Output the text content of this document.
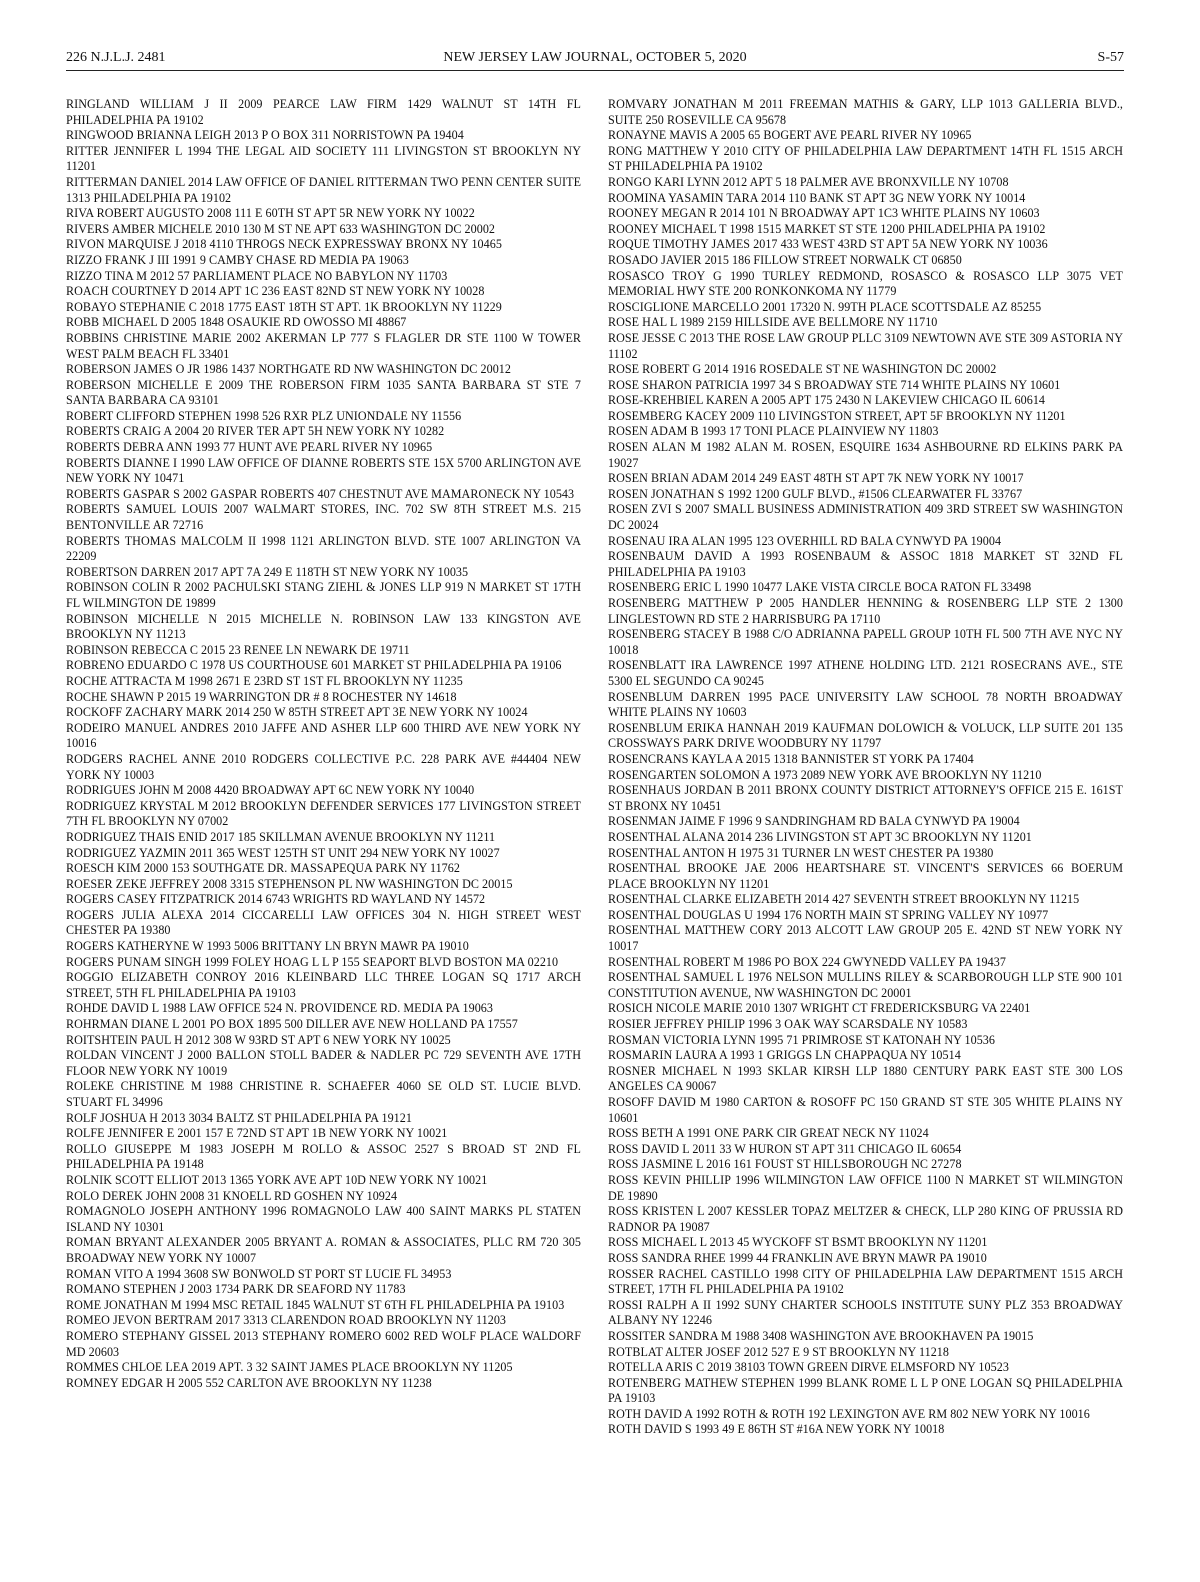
226 N.J.L.J. 2481	NEW JERSEY LAW JOURNAL, OCTOBER 5, 2020	S-57

RINGLAND WILLIAM J II 2009 PEARCE LAW FIRM 1429 WALNUT ST 14TH FL PHILADELPHIA PA 19102

RINGWOOD BRIANNA LEIGH 2013 P O BOX 311 NORRISTOWN PA 19404

RITTER JENNIFER L 1994 THE LEGAL AID SOCIETY 111 LIVINGSTON ST BROOKLYN NY 11201

RITTERMAN DANIEL 2014 LAW OFFICE OF DANIEL RITTERMAN TWO PENN CENTER SUITE 1313 PHILADELPHIA PA 19102

RIVA ROBERT AUGUSTO 2008 111 E 60TH ST APT 5R NEW YORK NY 10022

RIVERS AMBER MICHELE 2010 130 M ST NE APT 633 WASHINGTON DC 20002

RIVON MARQUISE J 2018 4110 THROGS NECK EXPRESSWAY BRONX NY 10465

RIZZO FRANK J III 1991 9 CAMBY CHASE RD MEDIA PA 19063

RIZZO TINA M 2012 57 PARLIAMENT PLACE NO BABYLON NY 11703

ROACH COURTNEY D 2014 APT 1C 236 EAST 82ND ST NEW YORK NY 10028

ROBAYO STEPHANIE C 2018 1775 EAST 18TH ST APT. 1K BROOKLYN NY 11229

ROBB MICHAEL D 2005 1848 OSAUKIE RD OWOSSO MI 48867

ROBBINS CHRISTINE MARIE 2002 AKERMAN LP 777 S FLAGLER DR STE 1100 W TOWER WEST PALM BEACH FL 33401

ROBERSON JAMES O JR 1986 1437 NORTHGATE RD NW WASHINGTON DC 20012

ROBERSON MICHELLE E 2009 THE ROBERSON FIRM 1035 SANTA BARBARA ST STE 7 SANTA BARBARA CA 93101

ROBERT CLIFFORD STEPHEN 1998 526 RXR PLZ UNIONDALE NY 11556

ROBERTS CRAIG A 2004 20 RIVER TER APT 5H NEW YORK NY 10282

ROBERTS DEBRA ANN 1993 77 HUNT AVE PEARL RIVER NY 10965

ROBERTS DIANNE I 1990 LAW OFFICE OF DIANNE ROBERTS STE 15X 5700 ARLINGTON AVE NEW YORK NY 10471

ROBERTS GASPAR S 2002 GASPAR ROBERTS 407 CHESTNUT AVE MAMARONECK NY 10543

ROBERTS SAMUEL LOUIS 2007 WALMART STORES, INC. 702 SW 8TH STREET M.S. 215 BENTONVILLE AR 72716

ROBERTS THOMAS MALCOLM II 1998 1121 ARLINGTON BLVD. STE 1007 ARLINGTON VA 22209

ROBERTSON DARREN 2017 APT 7A 249 E 118TH ST NEW YORK NY 10035

ROBINSON COLIN R 2002 PACHULSKI STANG ZIEHL & JONES LLP 919 N MARKET ST 17TH FL WILMINGTON DE 19899

ROBINSON MICHELLE N 2015 MICHELLE N. ROBINSON LAW 133 KINGSTON AVE BROOKLYN NY 11213

ROBINSON REBECCA C 2015 23 RENEE LN NEWARK DE 19711

ROBRENO EDUARDO C 1978 US COURTHOUSE 601 MARKET ST PHILADELPHIA PA 19106

ROCHE ATTRACTA M 1998 2671 E 23RD ST 1ST FL BROOKLYN NY 11235

ROCHE SHAWN P 2015 19 WARRINGTON DR # 8 ROCHESTER NY 14618

ROCKOFF ZACHARY MARK 2014 250 W 85TH STREET APT 3E NEW YORK NY 10024

RODEIRO MANUEL ANDRES 2010 JAFFE AND ASHER LLP 600 THIRD AVE NEW YORK NY 10016

RODGERS RACHEL ANNE 2010 RODGERS COLLECTIVE P.C. 228 PARK AVE #44404 NEW YORK NY 10003

RODRIGUES JOHN M 2008 4420 BROADWAY APT 6C NEW YORK NY 10040

RODRIGUEZ KRYSTAL M 2012 BROOKLYN DEFENDER SERVICES 177 LIVINGSTON STREET 7TH FL BROOKLYN NY 07002

RODRIGUEZ THAIS ENID 2017 185 SKILLMAN AVENUE BROOKLYN NY 11211

RODRIGUEZ YAZMIN 2011 365 WEST 125TH ST UNIT 294 NEW YORK NY 10027

ROESCH KIM 2000 153 SOUTHGATE DR. MASSAPEQUA PARK NY 11762

ROESER ZEKE JEFFREY 2008 3315 STEPHENSON PL NW WASHINGTON DC 20015

ROGERS CASEY FITZPATRICK 2014 6743 WRIGHTS RD WAYLAND NY 14572

ROGERS JULIA ALEXA 2014 CICCARELLI LAW OFFICES 304 N. HIGH STREET WEST CHESTER PA 19380

ROGERS KATHERYNE W 1993 5006 BRITTANY LN BRYN MAWR PA 19010

ROGERS PUNAM SINGH 1999 FOLEY HOAG L L P 155 SEAPORT BLVD BOSTON MA 02210

ROGGIO ELIZABETH CONROY 2016 KLEINBARD LLC THREE LOGAN SQ 1717 ARCH STREET, 5TH FL PHILADELPHIA PA 19103

ROHDE DAVID L 1988 LAW OFFICE 524 N. PROVIDENCE RD. MEDIA PA 19063

ROHRMAN DIANE L 2001 PO BOX 1895 500 DILLER AVE NEW HOLLAND PA 17557

ROITSHTEIN PAUL H 2012 308 W 93RD ST APT 6 NEW YORK NY 10025

ROLDAN VINCENT J 2000 BALLON STOLL BADER & NADLER PC 729 SEVENTH AVE 17TH FLOOR NEW YORK NY 10019

ROLEKE CHRISTINE M 1988 CHRISTINE R. SCHAEFER 4060 SE OLD ST. LUCIE BLVD. STUART FL 34996

ROLF JOSHUA H 2013 3034 BALTZ ST PHILADELPHIA PA 19121

ROLFE JENNIFER E 2001 157 E 72ND ST APT 1B NEW YORK NY 10021

ROLLO GIUSEPPE M 1983 JOSEPH M ROLLO & ASSOC 2527 S BROAD ST 2ND FL PHILADELPHIA PA 19148

ROLNIK SCOTT ELLIOT 2013 1365 YORK AVE APT 10D NEW YORK NY 10021

ROLO DEREK JOHN 2008 31 KNOELL RD GOSHEN NY 10924

ROMAGNOLO JOSEPH ANTHONY 1996 ROMAGNOLO LAW 400 SAINT MARKS PL STATEN ISLAND NY 10301

ROMAN BRYANT ALEXANDER 2005 BRYANT A. ROMAN & ASSOCIATES, PLLC RM 720 305 BROADWAY NEW YORK NY 10007

ROMAN VITO A 1994 3608 SW BONWOLD ST PORT ST LUCIE FL 34953

ROMANO STEPHEN J 2003 1734 PARK DR SEAFORD NY 11783

ROME JONATHAN M 1994 MSC RETAIL 1845 WALNUT ST 6TH FL PHILADELPHIA PA 19103

ROMEO JEVON BERTRAM 2017 3313 CLARENDON ROAD BROOKLYN NY 11203

ROMERO STEPHANY GISSEL 2013 STEPHANY ROMERO 6002 RED WOLF PLACE WALDORF MD 20603

ROMMES CHLOE LEA 2019 APT. 3 32 SAINT JAMES PLACE BROOKLYN NY 11205

ROMNEY EDGAR H 2005 552 CARLTON AVE BROOKLYN NY 11238

ROMVARY JONATHAN M 2011 FREEMAN MATHIS & GARY, LLP 1013 GALLERIA BLVD., SUITE 250 ROSEVILLE CA 95678

RONAYNE MAVIS A 2005 65 BOGERT AVE PEARL RIVER NY 10965

RONG MATTHEW Y 2010 CITY OF PHILADELPHIA LAW DEPARTMENT 14TH FL 1515 ARCH ST PHILADELPHIA PA 19102

RONGO KARI LYNN 2012 APT 5 18 PALMER AVE BRONXVILLE NY 10708

ROOMINA YASAMIN TARA 2014 110 BANK ST APT 3G NEW YORK NY 10014

ROONEY MEGAN R 2014 101 N BROADWAY APT 1C3 WHITE PLAINS NY 10603

ROONEY MICHAEL T 1998 1515 MARKET ST STE 1200 PHILADELPHIA PA 19102

ROQUE TIMOTHY JAMES 2017 433 WEST 43RD ST APT 5A NEW YORK NY 10036

ROSADO JAVIER 2015 186 FILLOW STREET NORWALK CT 06850

ROSASCO TROY G 1990 TURLEY REDMOND, ROSASCO & ROSASCO LLP 3075 VET MEMORIAL HWY STE 200 RONKONKOMA NY 11779

ROSCIGLIONE MARCELLO 2001 17320 N. 99TH PLACE SCOTTSDALE AZ 85255

ROSE HAL L 1989 2159 HILLSIDE AVE BELLMORE NY 11710

ROSE JESSE C 2013 THE ROSE LAW GROUP PLLC 3109 NEWTOWN AVE STE 309 ASTORIA NY 11102

ROSE ROBERT G 2014 1916 ROSEDALE ST NE WASHINGTON DC 20002

ROSE SHARON PATRICIA 1997 34 S BROADWAY STE 714 WHITE PLAINS NY 10601

ROSE-KREHBIEL KAREN A 2005 APT 175 2430 N LAKEVIEW CHICAGO IL 60614

ROSEMBERG KACEY 2009 110 LIVINGSTON STREET, APT 5F BROOKLYN NY 11201

ROSEN ADAM B 1993 17 TONI PLACE PLAINVIEW NY 11803

ROSEN ALAN M 1982 ALAN M. ROSEN, ESQUIRE 1634 ASHBOURNE RD ELKINS PARK PA 19027

ROSEN BRIAN ADAM 2014 249 EAST 48TH ST APT 7K NEW YORK NY 10017

ROSEN JONATHAN S 1992 1200 GULF BLVD., #1506 CLEARWATER FL 33767

ROSEN ZVI S 2007 SMALL BUSINESS ADMINISTRATION 409 3RD STREET SW WASHINGTON DC 20024

ROSENAU IRA ALAN 1995 123 OVERHILL RD BALA CYNWYD PA 19004

ROSENBAUM DAVID A 1993 ROSENBAUM & ASSOC 1818 MARKET ST 32ND FL PHILADELPHIA PA 19103

ROSENBERG ERIC L 1990 10477 LAKE VISTA CIRCLE BOCA RATON FL 33498

ROSENBERG MATTHEW P 2005 HANDLER HENNING & ROSENBERG LLP STE 2 1300 LINGLESTOWN RD STE 2 HARRISBURG PA 17110

ROSENBERG STACEY B 1988 C/O ADRIANNA PAPELL GROUP 10TH FL 500 7TH AVE NYC NY 10018

ROSENBLATT IRA LAWRENCE 1997 ATHENE HOLDING LTD. 2121 ROSECRANS AVE., STE 5300 EL SEGUNDO CA 90245

ROSENBLUM DARREN 1995 PACE UNIVERSITY LAW SCHOOL 78 NORTH BROADWAY WHITE PLAINS NY 10603

ROSENBLUM ERIKA HANNAH 2019 KAUFMAN DOLOWICH & VOLUCK, LLP SUITE 201 135 CROSSWAYS PARK DRIVE WOODBURY NY 11797

ROSENCRANS KAYLA A 2015 1318 BANNISTER ST YORK PA 17404

ROSENGARTEN SOLOMON A 1973 2089 NEW YORK AVE BROOKLYN NY 11210

ROSENHAUS JORDAN B 2011 BRONX COUNTY DISTRICT ATTORNEY'S OFFICE 215 E. 161ST ST BRONX NY 10451

ROSENMAN JAIME F 1996 9 SANDRINGHAM RD BALA CYNWYD PA 19004

ROSENTHAL ALANA 2014 236 LIVINGSTON ST APT 3C BROOKLYN NY 11201

ROSENTHAL ANTON H 1975 31 TURNER LN WEST CHESTER PA 19380

ROSENTHAL BROOKE JAE 2006 HEARTSHARE ST. VINCENT'S SERVICES 66 BOERUM PLACE BROOKLYN NY 11201

ROSENTHAL CLARKE ELIZABETH 2014 427 SEVENTH STREET BROOKLYN NY 11215

ROSENTHAL DOUGLAS U 1994 176 NORTH MAIN ST SPRING VALLEY NY 10977

ROSENTHAL MATTHEW CORY 2013 ALCOTT LAW GROUP 205 E. 42ND ST NEW YORK NY 10017

ROSENTHAL ROBERT M 1986 PO BOX 224 GWYNEDD VALLEY PA 19437

ROSENTHAL SAMUEL L 1976 NELSON MULLINS RILEY & SCARBOROUGH LLP STE 900 101 CONSTITUTION AVENUE, NW WASHINGTON DC 20001

ROSICH NICOLE MARIE 2010 1307 WRIGHT CT FREDERICKSBURG VA 22401

ROSIER JEFFREY PHILIP 1996 3 OAK WAY SCARSDALE NY 10583

ROSMAN VICTORIA LYNN 1995 71 PRIMROSE ST KATONAH NY 10536

ROSMARIN LAURA A 1993 1 GRIGGS LN CHAPPAQUA NY 10514

ROSNER MICHAEL N 1993 SKLAR KIRSH LLP 1880 CENTURY PARK EAST STE 300 LOS ANGELES CA 90067

ROSOFF DAVID M 1980 CARTON & ROSOFF PC 150 GRAND ST STE 305 WHITE PLAINS NY 10601

ROSS BETH A 1991 ONE PARK CIR GREAT NECK NY 11024

ROSS DAVID L 2011 33 W HURON ST APT 311 CHICAGO IL 60654

ROSS JASMINE L 2016 161 FOUST ST HILLSBOROUGH NC 27278

ROSS KEVIN PHILLIP 1996 WILMINGTON LAW OFFICE 1100 N MARKET ST WILMINGTON DE 19890

ROSS KRISTEN L 2007 KESSLER TOPAZ MELTZER & CHECK, LLP 280 KING OF PRUSSIA RD RADNOR PA 19087

ROSS MICHAEL L 2013 45 WYCKOFF ST BSMT BROOKLYN NY 11201

ROSS SANDRA RHEE 1999 44 FRANKLIN AVE BRYN MAWR PA 19010

ROSSER RACHEL CASTILLO 1998 CITY OF PHILADELPHIA LAW DEPARTMENT 1515 ARCH STREET, 17TH FL PHILADELPHIA PA 19102

ROSSI RALPH A II 1992 SUNY CHARTER SCHOOLS INSTITUTE SUNY PLZ 353 BROADWAY ALBANY NY 12246

ROSSITER SANDRA M 1988 3408 WASHINGTON AVE BROOKHAVEN PA 19015

ROTBLAT ALTER JOSEF 2012 527 E 9 ST BROOKLYN NY 11218

ROTELLA ARIS C 2019 38103 TOWN GREEN DIRVE ELMSFORD NY 10523

ROTENBERG MATHEW STEPHEN 1999 BLANK ROME L L P ONE LOGAN SQ PHILADELPHIA PA 19103

ROTH DAVID A 1992 ROTH & ROTH 192 LEXINGTON AVE RM 802 NEW YORK NY 10016

ROTH DAVID S 1993 49 E 86TH ST #16A NEW YORK NY 10018
